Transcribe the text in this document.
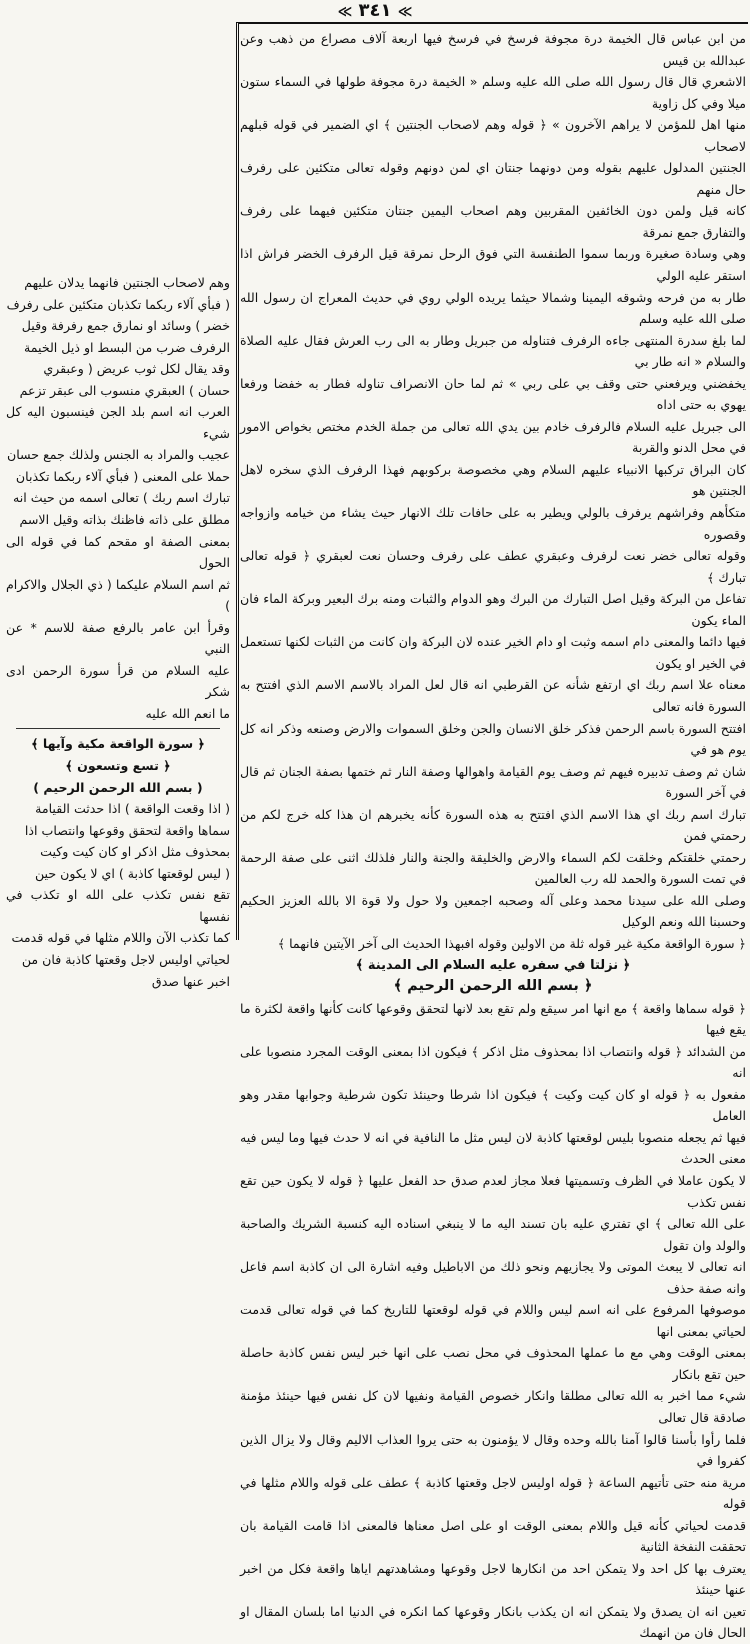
≪ ٣٤١ ≪

من ابن عباس قال الخيمة درة مجوفة فرسخ في فرسخ فيها اربعة آلاف مصراع من ذهب وعن عبدالله بن قيس

الاشعري قال قال رسول الله صلى الله عليه وسلم « الخيمة درة مجوفة طولها في السماء ستون ميلا وفي كل زاوية

منها اهل للمؤمن لا يراهم الآخرون » ﴿ قوله وهم لاصحاب الجنتين ﴾ اي الضمير في قوله قبلهم لاصحاب

الجنتين المدلول عليهم بقوله ومن دونهما جنتان اي لمن دونهم وقوله تعالى متكئين على رفرف حال منهم

كانه قيل ولمن دون الخائفين المقربين وهم اصحاب اليمين جنتان متكئين فيهما على رفرف والتفارق جمع نمرقة

وهي وسادة صغيرة وربما سموا الطنفسة التي فوق الرحل نمرقة قيل الرفرف الخضر فراش اذا استقر عليه الولي

طار به من فرحه وشوقه اليمينا وشمالا حيثما يريده الولي روي في حديث المعراج ان رسول الله صلى الله عليه وسلم

لما بلغ سدرة المنتهى جاءه الرفرف فتناوله من جبريل وطار به الى رب العرش فقال عليه الصلاة والسلام « انه طار بي

يخفضني ويرفعني حتى وقف بي على ربي » ثم لما حان الانصراف تناوله فطار به خفضا ورفعا يهوي به حتى اداه

الى جبريل عليه السلام فالرفرف خادم بين يدي الله تعالى من جملة الخدم مختص بخواص الامور في محل الدنو والقربة

كان البراق تركبها الانبياء عليهم السلام وهي مخصوصة بركوبهم فهذا الرفرف الذي سخره لاهل الجنتين هو

متكأهم وفراشهم يرفرف بالولي ويطير به على حافات تلك الانهار حيث يشاء من خيامه وازواجه وقصوره

وقوله تعالى خضر نعت لرفرف وعبقري عطف على رفرف وحسان نعت لعبقري ﴿ قوله تعالى تبارك ﴾

تفاعل من البركة وقيل اصل التبارك من البرك وهو الدوام والثبات ومنه برك البعير وبركة الماء فان الماء يكون

فيها دائما والمعنى دام اسمه وثبت او دام الخير عنده لان البركة وان كانت من الثبات لكنها تستعمل في الخير او يكون

معناه علا اسم ربك اي ارتفع شأنه عن القرطبي انه قال لعل المراد بالاسم الاسم الذي افتتح به السورة فانه تعالى

افتتح السورة باسم الرحمن فذكر خلق الانسان والجن وخلق السموات والارض وصنعه وذكر انه كل يوم هو في

شان ثم وصف تدبيره فيهم ثم وصف يوم القيامة واهوالها وصفة النار ثم ختمها بصفة الجنان ثم قال في آخر السورة

تبارك اسم ربك اي هذا الاسم الذي افتتح به هذه السورة كأنه يخبرهم ان هذا كله خرج لكم من رحمتي فمن

رحمتي خلقتكم وخلقت لكم السماء والارض والخليقة والجنة والنار فلذلك اثنى على صفة الرحمة في تمت السورة والحمد لله رب العالمين

وصلى الله على سيدنا محمد وعلى آله وصحبه اجمعين ولا حول ولا قوة الا بالله العزيز الحكيم وحسبنا الله ونعم الوكيل

﴿ سورة الواقعة مكية غير قوله ثلة من الاولين وقوله افبهذا الحديث الى آخر الآيتين فانهما ﴾

﴿ نزلتا في سفره عليه السلام الى المدينة ﴾

﴿ بسم الله الرحمن الرحيم ﴾

﴿ قوله سماها واقعة ﴾ مع انها امر سيقع ولم تقع بعد لانها لتحقق وقوعها كانت كأنها واقعة لكثرة ما يقع فيها

من الشدائد ﴿ قوله وانتصاب اذا بمحذوف مثل اذكر ﴾ فيكون اذا بمعنى الوقت المجرد منصوبا على انه

مفعول به ﴿ قوله او كان كيت وكيت ﴾ فيكون اذا شرطا وحينئذ تكون شرطية وجوابها مقدر وهو العامل

فيها ثم يجعله منصوبا بليس لوقعتها كاذبة لان ليس مثل ما النافية في انه لا حدث فيها وما ليس فيه معنى الحدث

لا يكون عاملا في الظرف وتسميتها فعلا مجاز لعدم صدق حد الفعل عليها ﴿ قوله لا يكون حين تقع نفس تكذب

على الله تعالى ﴾ اي تفتري عليه بان تسند اليه ما لا ينبغي اسناده اليه كنسبة الشريك والصاحبة والولد وان تقول

انه تعالى لا يبعث الموتى ولا يجازيهم ونحو ذلك من الاباطيل وفيه اشارة الى ان كاذبة اسم فاعل وانه صفة حذف

موصوفها المرفوع على انه اسم ليس واللام في قوله لوقعتها للتاريخ كما في قوله تعالى قدمت لحياتي بمعنى انها

بمعنى الوقت وهي مع ما عملها المحذوف في محل نصب على انها خبر ليس نفس كاذبة حاصلة حين تقع بانكار

شيء مما اخبر به الله تعالى مطلقا وانكار خصوص القيامة ونفيها لان كل نفس فيها حينئذ مؤمنة صادقة قال تعالى

فلما رأوا بأسنا قالوا آمنا بالله وحده وقال لا يؤمنون به حتى يروا العذاب الاليم وقال ولا يزال الذين كفروا في

مرية منه حتى تأتيهم الساعة ﴿ قوله اوليس لاجل وقعتها كاذبة ﴾ عطف على قوله واللام مثلها في قوله

قدمت لحياتي كأنه قيل واللام بمعنى الوقت او على اصل معناها فالمعنى اذا قامت القيامة بان تحققت النفخة الثانية

يعترف بها كل احد ولا يتمكن احد من انكارها لاجل وقوعها ومشاهدتهم اياها واقعة فكل من اخبر عنها حينئذ

تعين انه ان يصدق ولا يتمكن انه ان يكذب بانكار وقوعها كما انكره في الدنيا اما بلسان المقال او الحال فان من انهمك

وهم لاصحاب الجنتين فانهما يدلان عليهم

( فبأي آلاء ربكما تكذبان متكئين على رفرف

خضر ) وسائد او نمارق جمع رفرفة وقيل

الرفرف ضرب من البسط او ذيل الخيمة

وقد يقال لكل ثوب عريض ( وعبقري

حسان ) العبقري منسوب الى عبقر تزعم

العرب انه اسم بلد الجن فينسبون اليه كل شيء

عجيب والمراد به الجنس ولذلك جمع حسان

حملا على المعنى ( فبأي آلاء ربكما تكذبان

تبارك اسم ربك ) تعالى اسمه من حيث انه

مطلق على ذاته فاظنك بذاته وقيل الاسم

بمعنى الصفة او مقحم كما في قوله الى الحول

ثم اسم السلام عليكما ( ذي الجلال والاكرام )

وقرأ ابن عامر بالرفع صفة للاسم * عن النبي

عليه السلام من قرأ سورة الرحمن ادى شكر

ما انعم الله عليه

﴿ سورة الواقعة مكية وآيها ﴾

﴿ تسع وتسعون ﴾

( بسم الله الرحمن الرحيم )

( اذا وقعت الواقعة ) اذا حدثت القيامة

سماها واقعة لتحقق وقوعها وانتصاب اذا

بمحذوف مثل اذكر او كان كيت وكيت

( ليس لوقعتها كاذبة ) اي لا يكون حين

تقع نفس تكذب على الله او تكذب في نفسها

كما تكذب الآن واللام مثلها في قوله قدمت

لحياتي اوليس لاجل وقعتها كاذبة فان من

اخبر عنها صدق
